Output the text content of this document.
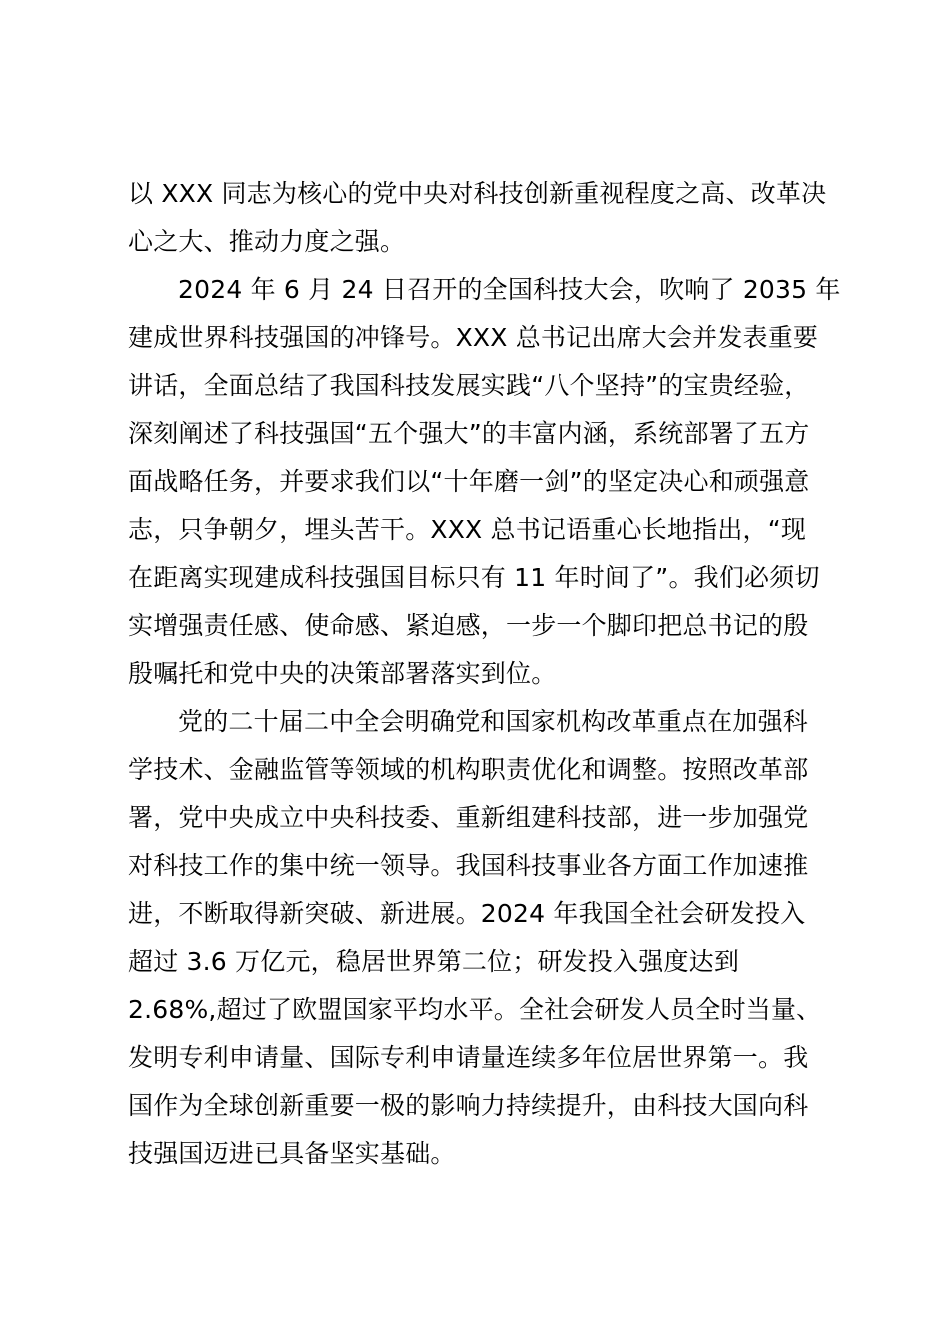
以 XXX 同志为核心的党中央对科技创新重视程度之高、改革决
心之大、推动力度之强。
2024 年 6 月 24 日召开的全国科技大会，吹响了 2035 年
建成世界科技强国的冲锋号。XXX 总书记出席大会并发表重要
讲话，全面总结了我国科技发展实践“八个坚持”的宝贵经验，
深刻阐述了科技强国“五个强大”的丰富内涵，系统部署了五方
面战略任务，并要求我们以“十年磨一剑”的坚定决心和顽强意
志，只争朝夕，埋头苦干。XXX 总书记语重心长地指出，“现
在距离实现建成科技强国目标只有 11 年时间了”。我们必须切
实增强责任感、使命感、紧迫感，一步一个脚印把总书记的殷
殷嘱托和党中央的决策部署落实到位。
党的二十届二中全会明确党和国家机构改革重点在加强科
学技术、金融监管等领域的机构职责优化和调整。按照改革部
署，党中央成立中央科技委、重新组建科技部，进一步加强党
对科技工作的集中统一领导。我国科技事业各方面工作加速推
进，不断取得新突破、新进展。2024 年我国全社会研发投入
超过 3.6 万亿元，稳居世界第二位；研发投入强度达到
2.68%,超过了欧盟国家平均水平。全社会研发人员全时当量、
发明专利申请量、国际专利申请量连续多年位居世界第一。我
国作为全球创新重要一极的影响力持续提升，由科技大国向科
技强国迈进已具备坚实基础。
